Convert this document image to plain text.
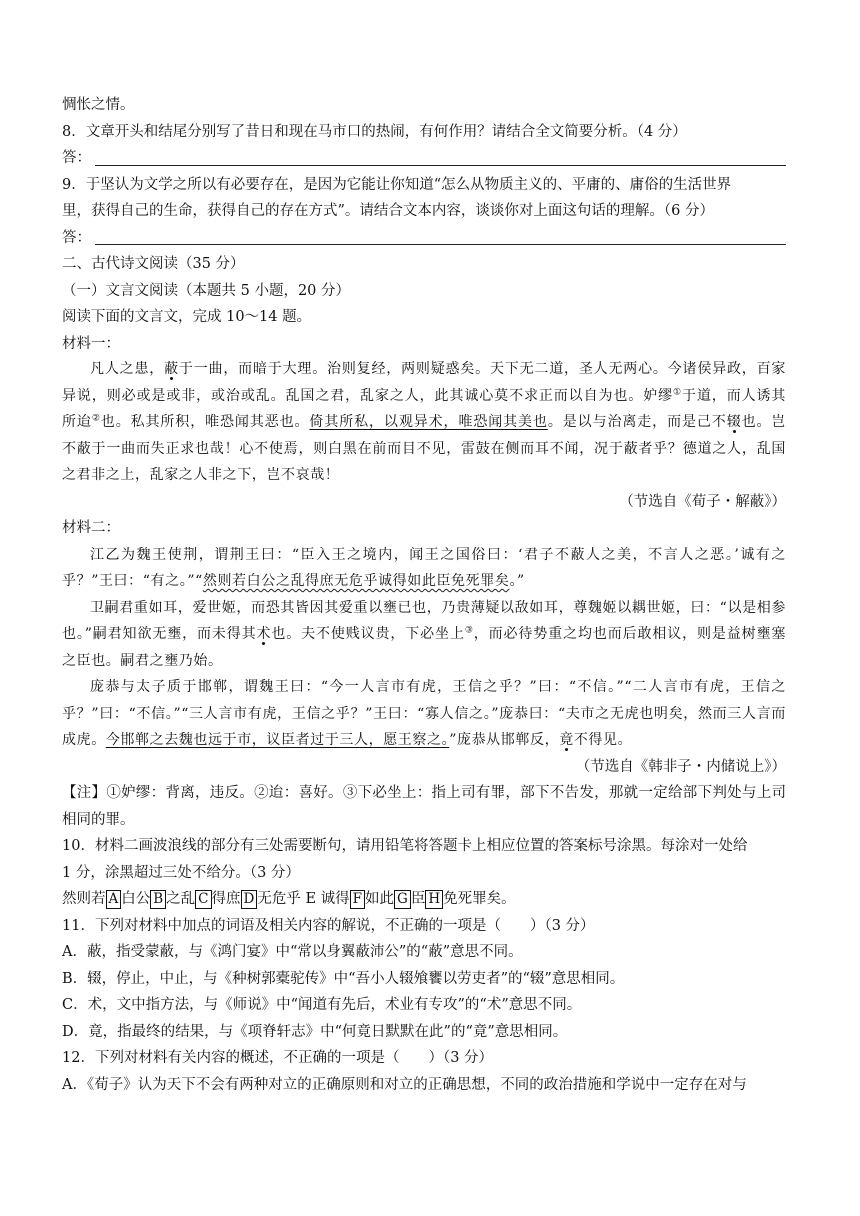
惆怅之情。
8．文章开头和结尾分别写了昔日和现在马市口的热闹，有何作用？请结合全文简要分析。（4 分）
答：
9．于坚认为文学之所以有必要存在，是因为它能让你知道“怎么从物质主义的、平庸的、庸俗的生活世界
里，获得自己的生命，获得自己的存在方式”。请结合文本内容，谈谈你对上面这句话的理解。（6 分）
答：
二、古代诗文阅读（35 分）
（一）文言文阅读（本题共 5 小题，20 分）
阅读下面的文言文，完成 10～14 题。
材料一：
凡人之患，蔽于一曲，而暗于大理。治则复经，两则疑惑矣。天下无二道，圣人无两心。今诸侯异政，百家异说，则必或是或非，或治或乱。乱国之君，乱家之人，此其诚心莫不求正而以自为也。妒缪①于道，而人诱其所迨②也。私其所积，唯恐闻其恶也。倚其所私，以观异术，唯恐闻其美也。是以与治离走，而是己不辍也。岂不蔽于一曲而失正求也哉！心不使焉，则白黑在前而目不见，雷鼓在侧而耳不闻，况于蔽者乎？德道之人，乱国之君非之上，乱家之人非之下，岂不哀哉！
（节选自《荀子・解蔽》）
材料二：
江乙为魏王使荆，谓荆王曰：“臣入王之境内，闻王之国俗曰：‘君子不蔽人之美，不言人之恶。’诚有之乎？”王曰：“有之。”“然则若白公之乱得庶无危乎诚得如此臣免死罪矣。”
卫嗣君重如耳，爱世姬，而恐其皆因其爱重以壅已也，乃贵薄疑以敌如耳，尊魏姬以耦世姬，曰：“以是相参也。”嗣君知欲无壅，而未得其术也。夫不使贱议贵，下必坐上③，而必待势重之均也而后敢相议，则是益树壅塞之臣也。嗣君之壅乃始。
庞恭与太子质于邯郸，谓魏王曰：“今一人言市有虎，王信之乎？”曰：“不信。”“二人言市有虎，王信之乎？”曰：“不信。”“三人言市有虎，王信之乎？”王曰：“寡人信之。”庞恭曰：“夫市之无虎也明矣，然而三人言而成虎。今邯郸之去魏也远于市，议臣者过于三人，愿王察之。”庞恭从邯郸反，竟不得见。
（节选自《韩非子・内储说上》）
【注】①妒缪：背离，违反。②迨：喜好。③下必坐上：指上司有罪，部下不告发，那就一定给部下判处与上司相同的罪。
10．材料二画波浪线的部分有三处需要断句，请用铅笔将答题卡上相应位置的答案标号涂黑。每涂对一处给
1 分，涂黑超过三处不给分。（3 分）
然则若 A 白公 B 之乱 C 得庶 D 无危乎 E 诚得 F 如此 G 臣 H 免死罪矣。
11．下列对材料中加点的词语及相关内容的解说，不正确的一项是（　　）（3 分）
A．蔽，指受蒙蔽，与《鸿门宴》中“常以身翼蔽沛公”的“蔽”意思不同。
B．辍，停止，中止，与《种树郭橐驼传》中“吾小人辍飧饔以劳吏者”的“辍”意思相同。
C．术，文中指方法，与《师说》中“闻道有先后，术业有专攻”的“术”意思不同。
D．竟，指最终的结果，与《项脊轩志》中“何竟日默默在此”的“竟”意思相同。
12．下列对材料有关内容的概述，不正确的一项是（　　）（3 分）
A．《荀子》认为天下不会有两种对立的正确原则和对立的正确思想，不同的政治措施和学说中一定存在对与
